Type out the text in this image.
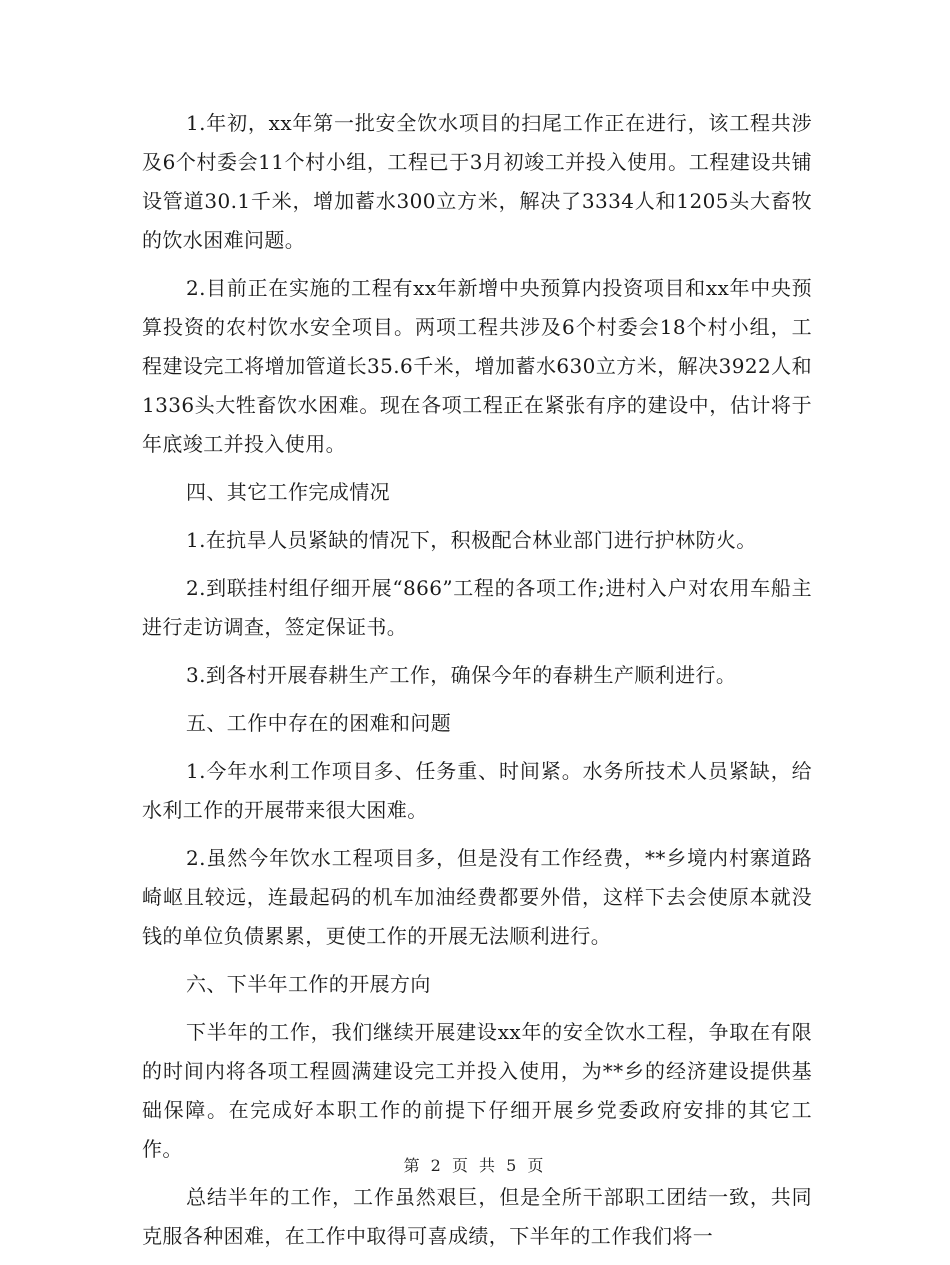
1.年初，xx年第一批安全饮水项目的扫尾工作正在进行，该工程共涉及6个村委会11个村小组，工程已于3月初竣工并投入使用。工程建设共铺设管道30.1千米，增加蓄水300立方米，解决了3334人和1205头大畜牧的饮水困难问题。

2.目前正在实施的工程有xx年新增中央预算内投资项目和xx年中央预算投资的农村饮水安全项目。两项工程共涉及6个村委会18个村小组，工程建设完工将增加管道长35.6千米，增加蓄水630立方米，解决3922人和1336头大牲畜饮水困难。现在各项工程正在紧张有序的建设中，估计将于年底竣工并投入使用。

四、其它工作完成情况

1.在抗旱人员紧缺的情况下，积极配合林业部门进行护林防火。

2.到联挂村组仔细开展“866”工程的各项工作;进村入户对农用车船主进行走访调查，签定保证书。

3.到各村开展春耕生产工作，确保今年的春耕生产顺利进行。

五、工作中存在的困难和问题

1.今年水利工作项目多、任务重、时间紧。水务所技术人员紧缺，给水利工作的开展带来很大困难。

2.虽然今年饮水工程项目多，但是没有工作经费，**乡境内村寨道路崎岖且较远，连最起码的机车加油经费都要外借，这样下去会使原本就没钱的单位负债累累，更使工作的开展无法顺利进行。

六、下半年工作的开展方向

下半年的工作，我们继续开展建设xx年的安全饮水工程，争取在有限的时间内将各项工程圆满建设完工并投入使用，为**乡的经济建设提供基础保障。在完成好本职工作的前提下仔细开展乡党委政府安排的其它工作。

总结半年的工作，工作虽然艰巨，但是全所干部职工团结一致，共同克服各种困难，在工作中取得可喜成绩，下半年的工作我们将一

第 2 页 共 5 页
